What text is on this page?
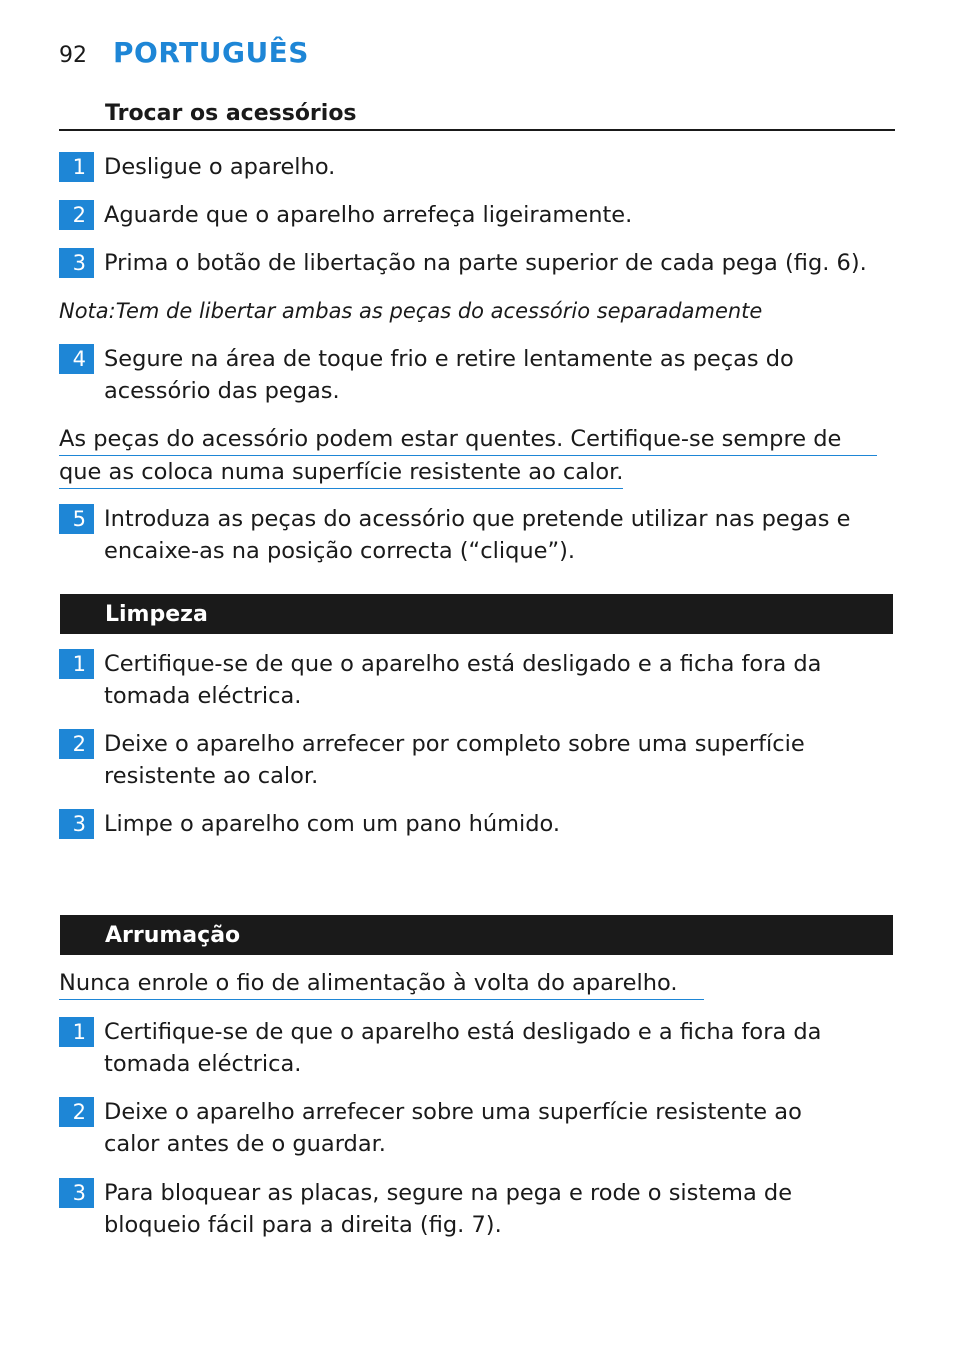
92 PORTUGUÊS
Trocar os acessórios
1 Desligue o aparelho.
2 Aguarde que o aparelho arrefeça ligeiramente.
3 Prima o botão de libertação na parte superior de cada pega (fig. 6).
Nota:Tem de libertar ambas as peças do acessório separadamente
4 Segure na área de toque frio e retire lentamente as peças do
acessório das pegas.
As peças do acessório podem estar quentes. Certifique-se sempre de
que as coloca numa superfície resistente ao calor.
5 Introduza as peças do acessório que pretende utilizar nas pegas e
encaixe-as na posição correcta (“clique”).
Limpeza
1 Certifique-se de que o aparelho está desligado e a ficha fora da
tomada eléctrica.
2 Deixe o aparelho arrefecer por completo sobre uma superfície
resistente ao calor.
3 Limpe o aparelho com um pano húmido.
Arrumação
Nunca enrole o fio de alimentação à volta do aparelho.
1 Certifique-se de que o aparelho está desligado e a ficha fora da
tomada eléctrica.
2 Deixe o aparelho arrefecer sobre uma superfície resistente ao
calor antes de o guardar.
3 Para bloquear as placas, segure na pega e rode o sistema de
bloqueio fácil para a direita (fig. 7).
